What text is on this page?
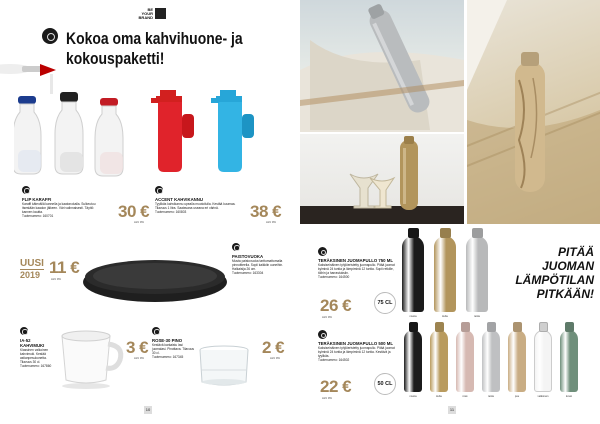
BE
YOUR
BRAND
Kokoa oma kahvihuone- ja
kokouspaketti!
FLIP KARAFFI
Karaffi kätevällä kannella ja kaatonokalla. Sulkeutuu itsestään kaadon jälkeen. Väri valinnaisesti. Täyttö kannen kautta.
Tuotenumero: 160701	30 €
ALV 0%
ACCENT KAHVIKANNU
Tyylikäs kahvikannu upealla muotoilulla. Kestää kuumaa. Tilavuus 1 litra. Saatavana useana eri värinä.
Tuotenumero: 160803	38 €
ALV 0%
UUSI
2019 11 €
ALV 0%
PAISTOVUOKA
Musta paistovuoka tarttumattomalla pinnoitteella. Sopii kaikkiin uuneihin. Halkaisija 26 cm.
Tuotenumero: 163304
IA-52 KAHVIMUKI
Klassinen valkoinen kahvimuki. Kestää astianpesukonetta. Tilavuus 30 cl.
Tuotenumero: 167860
3 €
ALV 0%
ROSE-30 PINO
Kestävä karkaistu lasi juomalasi. Pinottava. Tilavuus 30 cl.
Tuotenumero: 167345
2 €
ALV 0%
10
TERÄKSINEN JUOMAPULLO 750 ML
Kaksiseinäinen tyhjiöeristetty juomapullo. Pitää juomat kylminä 24 tuntia ja lämpiminä 12 tuntia. Sopii retkille, töihin ja harrastuksiin.
Tuotenumero: 164500
26 €
ALV 0%
75 CL
musta	kulta	teräs
PITÄÄ JUOMAN
LÄMPÖTILAN
PITKÄÄN!
TERÄKSINEN JUOMAPULLO 500 ML
Kaksiseinäinen tyhjiöeristetty juomapullo. Pitää juomat kylminä 24 tuntia ja lämpiminä 12 tuntia. Kestävä ja tyylikäs.
Tuotenumero: 164502
22 €
ALV 0%
50 CL
musta	kulta	rosé	teräs	puu	valkoinen	kuvio
11
